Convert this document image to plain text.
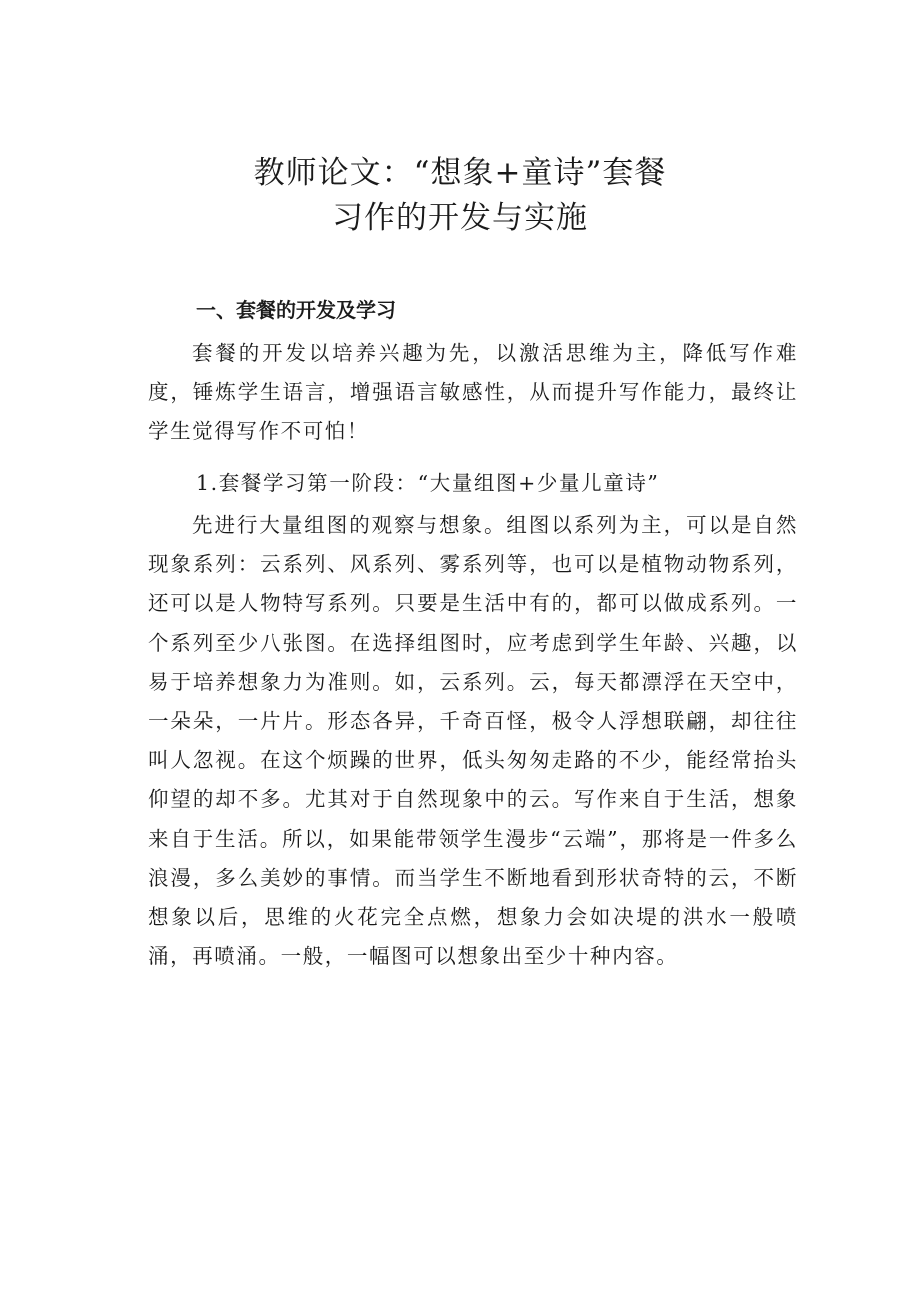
教师论文：“想象+童诗”套餐
习作的开发与实施
一、套餐的开发及学习
套餐的开发以培养兴趣为先，以激活思维为主，降低写作难度，锤炼学生语言，增强语言敏感性，从而提升写作能力，最终让学生觉得写作不可怕！
1.套餐学习第一阶段：“大量组图+少量儿童诗”
先进行大量组图的观察与想象。组图以系列为主，可以是自然现象系列：云系列、风系列、雾系列等，也可以是植物动物系列，还可以是人物特写系列。只要是生活中有的，都可以做成系列。一个系列至少八张图。在选择组图时，应考虑到学生年龄、兴趣，以易于培养想象力为准则。如，云系列。云，每天都漂浮在天空中，一朵朵，一片片。形态各异，千奇百怪，极令人浮想联翩，却往往叫人忽视。在这个烦躁的世界，低头匆匆走路的不少，能经常抬头仰望的却不多。尤其对于自然现象中的云。写作来自于生活，想象来自于生活。所以，如果能带领学生漫步“云端”，那将是一件多么浪漫，多么美妙的事情。而当学生不断地看到形状奇特的云，不断想象以后，思维的火花完全点燃，想象力会如决堤的洪水一般喷涌，再喷涌。一般，一幅图可以想象出至少十种内容。
